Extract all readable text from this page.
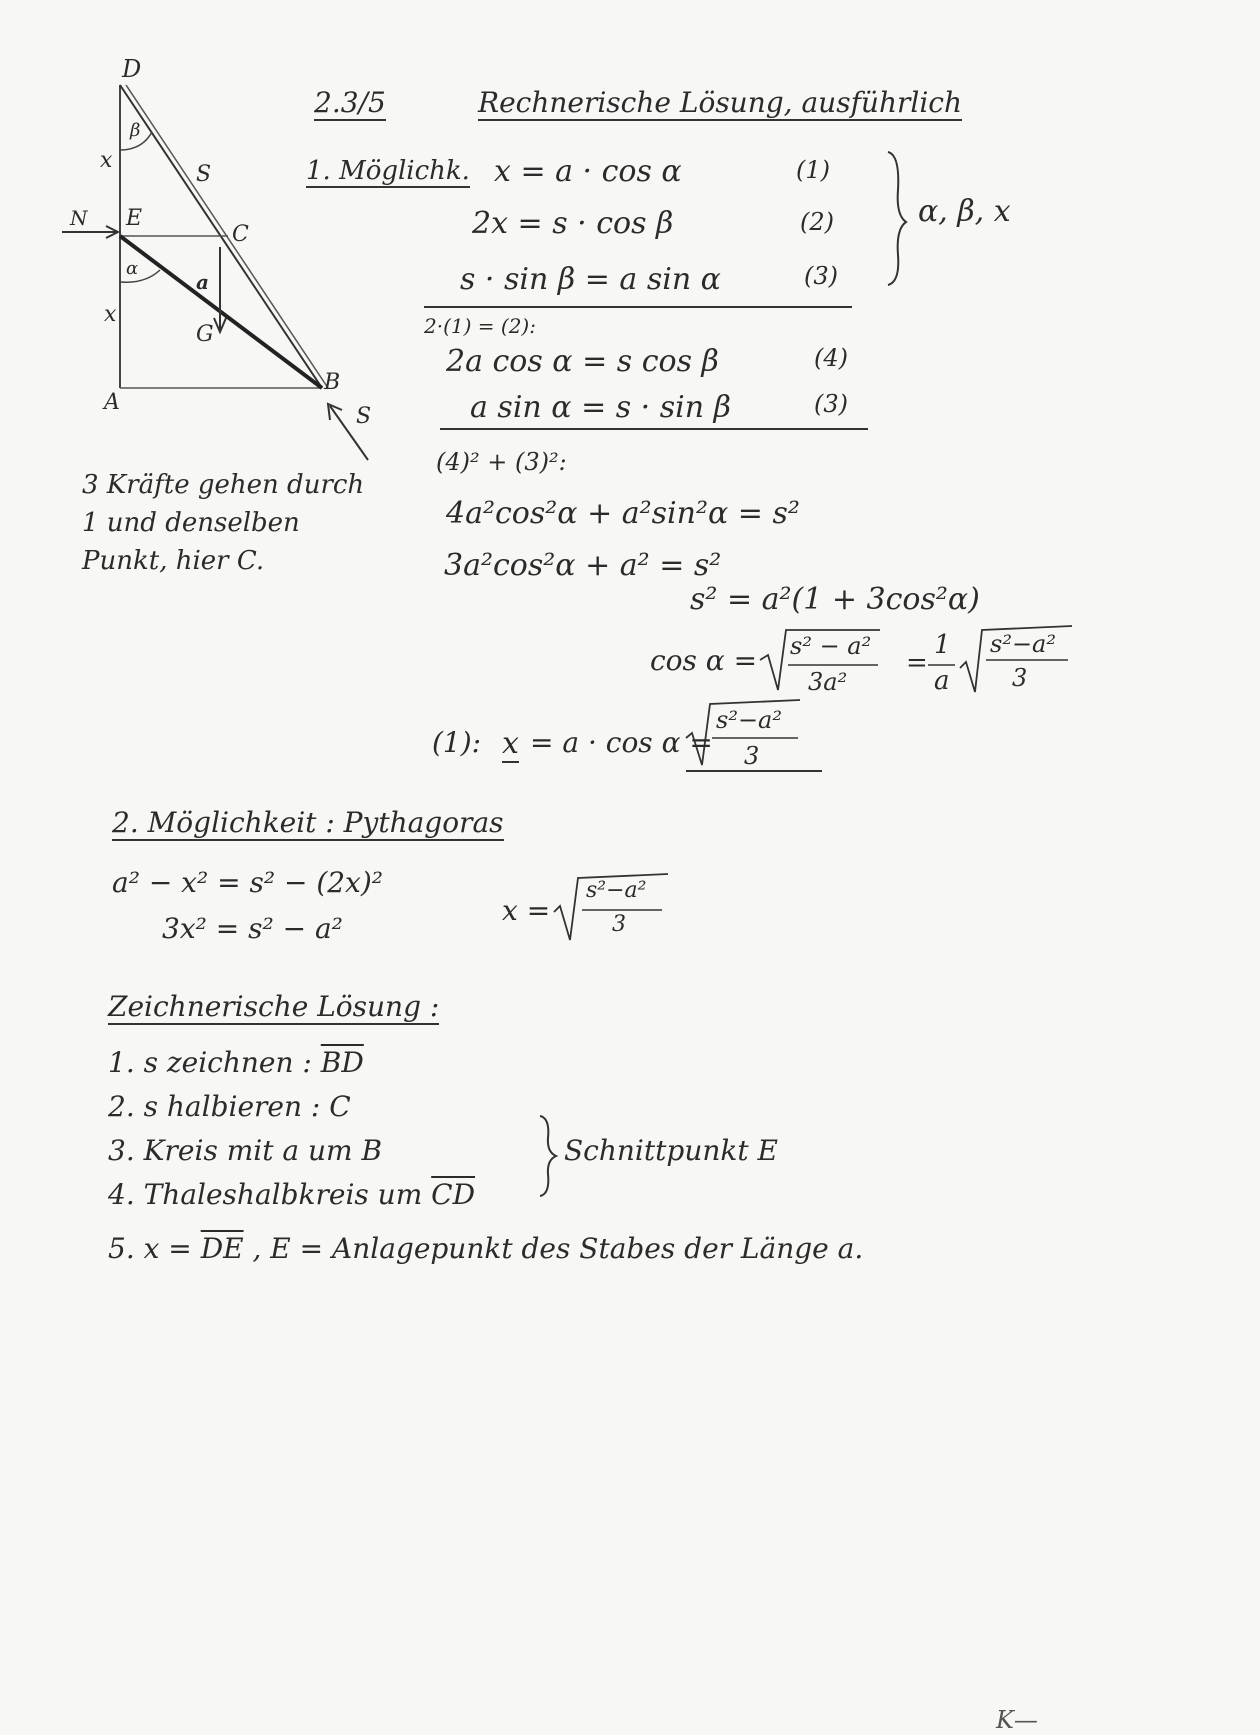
D
E
C
G
A
B
x
x
S
a
N
S
β
α
3 Kräfte gehen durch
1 und denselben
Punkt, hier C.
2.3/5	Rechnerische Lösung, ausführlich
1. Möglichk. x = a · cos α	(1)
2x = s · cos β	(2)
s · sin β = a sin α	(3)
α, β, x
2·(1) = (2):
2a cos α = s cos β	(4)
a sin α = s · sin β	(3)
(4)² + (3)²:
4a²cos²α + a²sin²α = s²
3a²cos²α + a² = s²
s² = a²(1 + 3cos²α)
cos α = s² − a²
3a²
=
1
a
s²−a²
3
(1): x = a · cos α =
s²−a²
3
2. Möglichkeit : Pythagoras
a² − x² = s² − (2x)²
3x² = s² − a²
x =
s²−a²
3
Zeichnerische Lösung :
1. s zeichnen : $\overline{BD}$
2. s halbieren : C
3. Kreis mit a um B
4. Thaleshalbkreis um $\overline{CD}$
Schnittpunkt E
5. $x = \overline{DE}$ , E = Anlagepunkt des Stabes der Länge a.
K—
